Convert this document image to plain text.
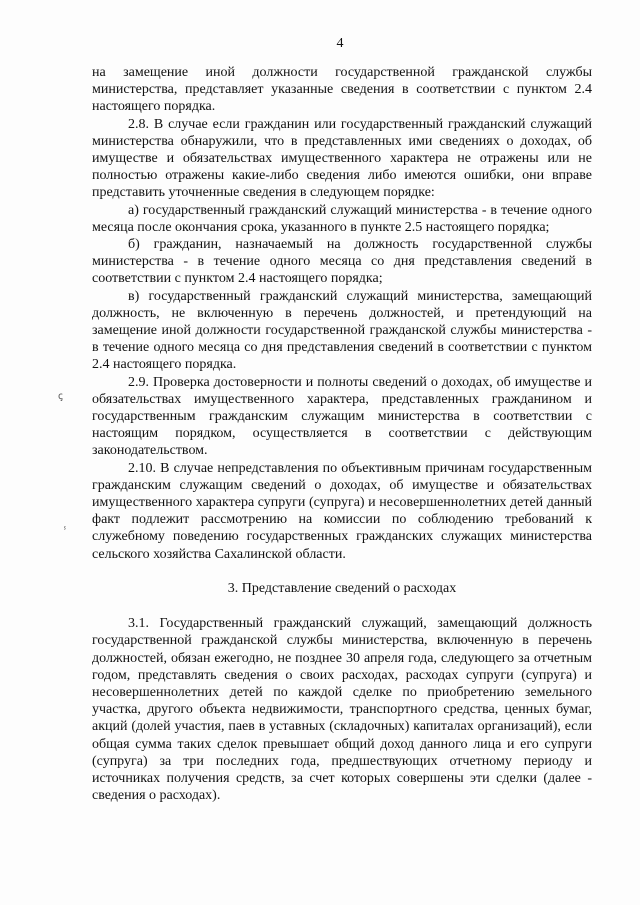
4
ꞔ
ⸯ

на замещение иной должности государственной гражданской службы министерства, представляет указанные сведения в соответствии с пунктом 2.4 настоящего порядка.

2.8. В случае если гражданин или государственный гражданский служащий министерства обнаружили, что в представленных ими сведениях о доходах, об имуществе и обязательствах имущественного характера не отражены или не полностью отражены какие-либо сведения либо имеются ошибки, они вправе представить уточненные сведения в следующем порядке:

а) государственный гражданский служащий министерства - в течение одного месяца после окончания срока, указанного в пункте 2.5 настоящего порядка;

б) гражданин, назначаемый на должность государственной службы министерства - в течение одного месяца со дня представления сведений в соответствии с пунктом 2.4 настоящего порядка;

в) государственный гражданский служащий министерства, замещающий должность, не включенную в перечень должностей, и претендующий на замещение иной должности государственной гражданской службы министерства - в течение одного месяца со дня представления сведений в соответствии с пунктом 2.4 настоящего порядка.

2.9. Проверка достоверности и полноты сведений о доходах, об имуществе и обязательствах имущественного характера, представленных гражданином и государственным гражданским служащим министерства в соответствии с настоящим порядком, осуществляется в соответствии с действующим законодательством.

2.10. В случае непредставления по объективным причинам государственным гражданским служащим сведений о доходах, об имуществе и обязательствах имущественного характера супруги (супруга) и несовершеннолетних детей данный факт подлежит рассмотрению на комиссии по соблюдению требований к служебному поведению государственных гражданских служащих министерства сельского хозяйства Сахалинской области.

3. Представление сведений о расходах

3.1. Государственный гражданский служащий, замещающий должность государственной гражданской службы министерства, включенную в перечень должностей, обязан ежегодно, не позднее 30 апреля года, следующего за отчетным годом, представлять сведения о своих расходах, расходах супруги (супруга) и несовершеннолетних детей по каждой сделке по приобретению земельного участка, другого объекта недвижимости, транспортного средства, ценных бумаг, акций (долей участия, паев в уставных (складочных) капиталах организаций), если общая сумма таких сделок превышает общий доход данного лица и его супруги (супруга) за три последних года, предшествующих отчетному периоду и источниках получения средств, за счет которых совершены эти сделки (далее - сведения о расходах).
